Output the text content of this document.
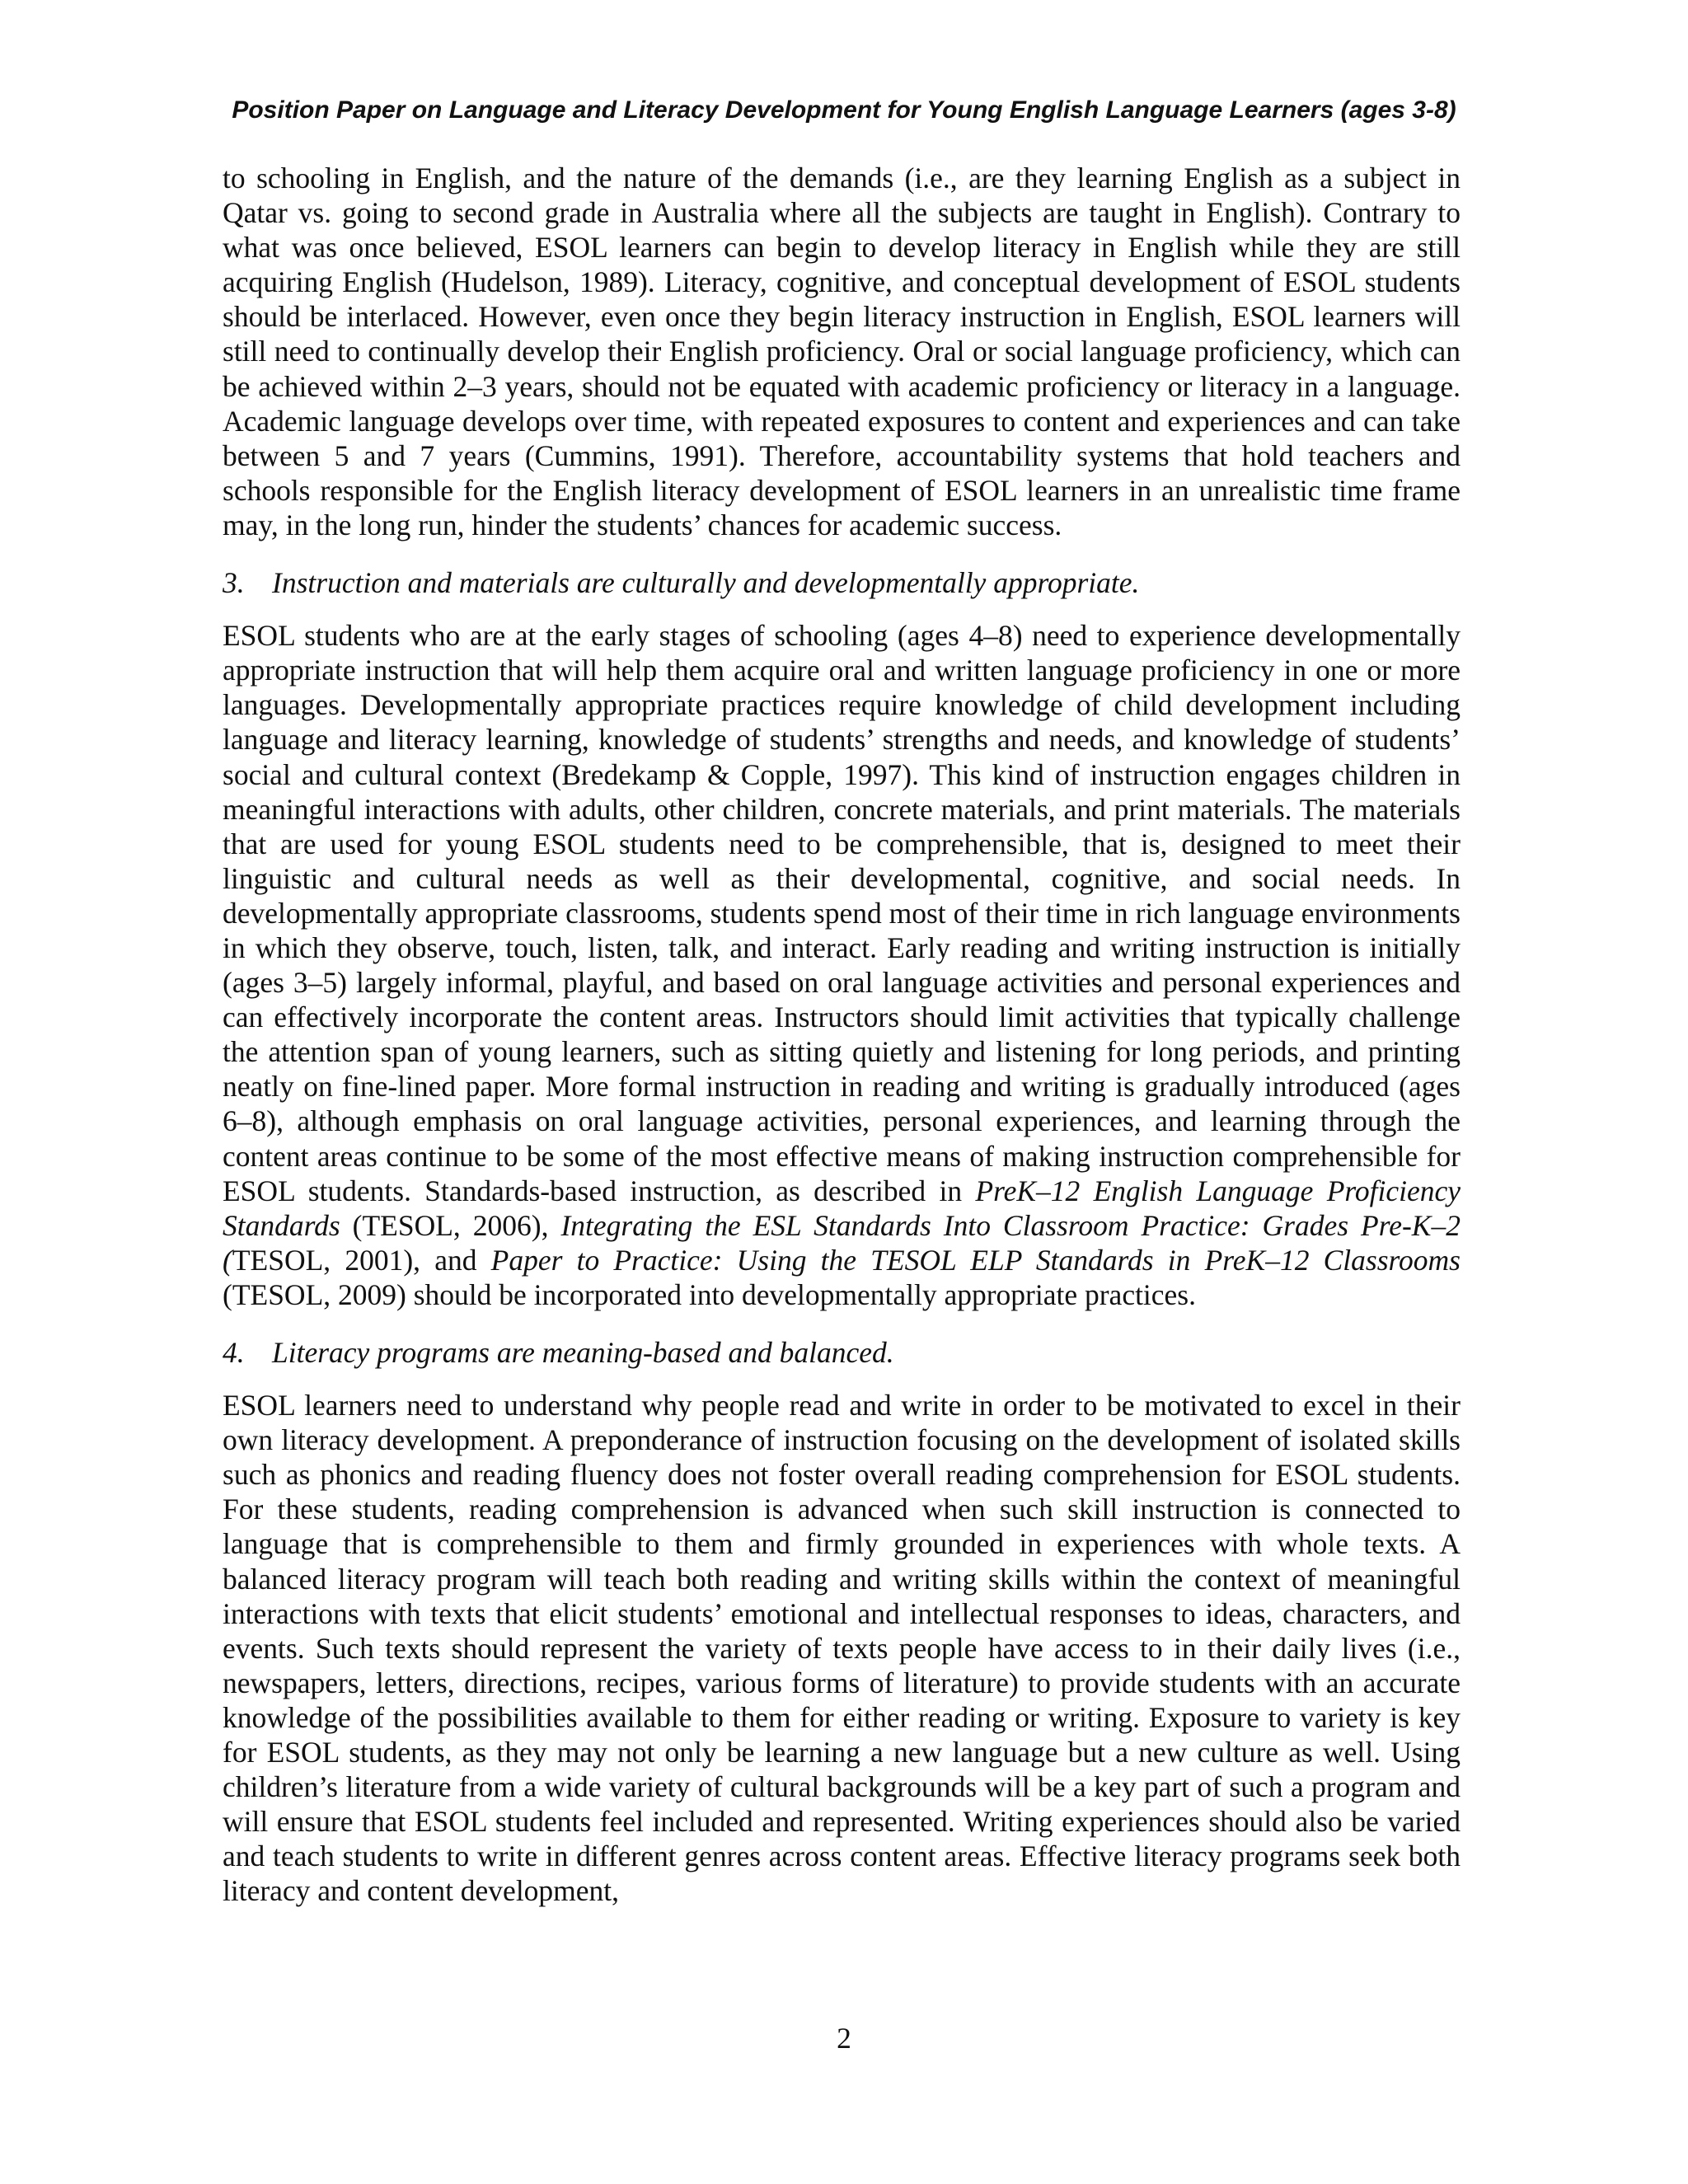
Position Paper on Language and Literacy Development for Young English Language Learners (ages 3-8)

to schooling in English, and the nature of the demands (i.e., are they learning English as a subject in Qatar vs. going to second grade in Australia where all the subjects are taught in English). Contrary to what was once believed, ESOL learners can begin to develop literacy in English while they are still acquiring English (Hudelson, 1989). Literacy, cognitive, and conceptual development of ESOL students should be interlaced. However, even once they begin literacy instruction in English, ESOL learners will still need to continually develop their English proficiency. Oral or social language proficiency, which can be achieved within 2–3 years, should not be equated with academic proficiency or literacy in a language. Academic language develops over time, with repeated exposures to content and experiences and can take between 5 and 7 years (Cummins, 1991). Therefore, accountability systems that hold teachers and schools responsible for the English literacy development of ESOL learners in an unrealistic time frame may, in the long run, hinder the students’ chances for academic success.

3. Instruction and materials are culturally and developmentally appropriate.

ESOL students who are at the early stages of schooling (ages 4–8) need to experience developmentally appropriate instruction that will help them acquire oral and written language proficiency in one or more languages. Developmentally appropriate practices require knowledge of child development including language and literacy learning, knowledge of students’ strengths and needs, and knowledge of students’ social and cultural context (Bredekamp & Copple, 1997). This kind of instruction engages children in meaningful interactions with adults, other children, concrete materials, and print materials. The materials that are used for young ESOL students need to be comprehensible, that is, designed to meet their linguistic and cultural needs as well as their developmental, cognitive, and social needs. In developmentally appropriate classrooms, students spend most of their time in rich language environments in which they observe, touch, listen, talk, and interact. Early reading and writing instruction is initially (ages 3–5) largely informal, playful, and based on oral language activities and personal experiences and can effectively incorporate the content areas. Instructors should limit activities that typically challenge the attention span of young learners, such as sitting quietly and listening for long periods, and printing neatly on fine-lined paper. More formal instruction in reading and writing is gradually introduced (ages 6–8), although emphasis on oral language activities, personal experiences, and learning through the content areas continue to be some of the most effective means of making instruction comprehensible for ESOL students. Standards-based instruction, as described in PreK–12 English Language Proficiency Standards (TESOL, 2006), Integrating the ESL Standards Into Classroom Practice: Grades Pre-K–2 (TESOL, 2001), and Paper to Practice: Using the TESOL ELP Standards in PreK–12 Classrooms (TESOL, 2009) should be incorporated into developmentally appropriate practices.

4. Literacy programs are meaning-based and balanced.

ESOL learners need to understand why people read and write in order to be motivated to excel in their own literacy development. A preponderance of instruction focusing on the development of isolated skills such as phonics and reading fluency does not foster overall reading comprehension for ESOL students. For these students, reading comprehension is advanced when such skill instruction is connected to language that is comprehensible to them and firmly grounded in experiences with whole texts. A balanced literacy program will teach both reading and writing skills within the context of meaningful interactions with texts that elicit students’ emotional and intellectual responses to ideas, characters, and events. Such texts should represent the variety of texts people have access to in their daily lives (i.e., newspapers, letters, directions, recipes, various forms of literature) to provide students with an accurate knowledge of the possibilities available to them for either reading or writing. Exposure to variety is key for ESOL students, as they may not only be learning a new language but a new culture as well. Using children’s literature from a wide variety of cultural backgrounds will be a key part of such a program and will ensure that ESOL students feel included and represented. Writing experiences should also be varied and teach students to write in different genres across content areas. Effective literacy programs seek both literacy and content development,

2
